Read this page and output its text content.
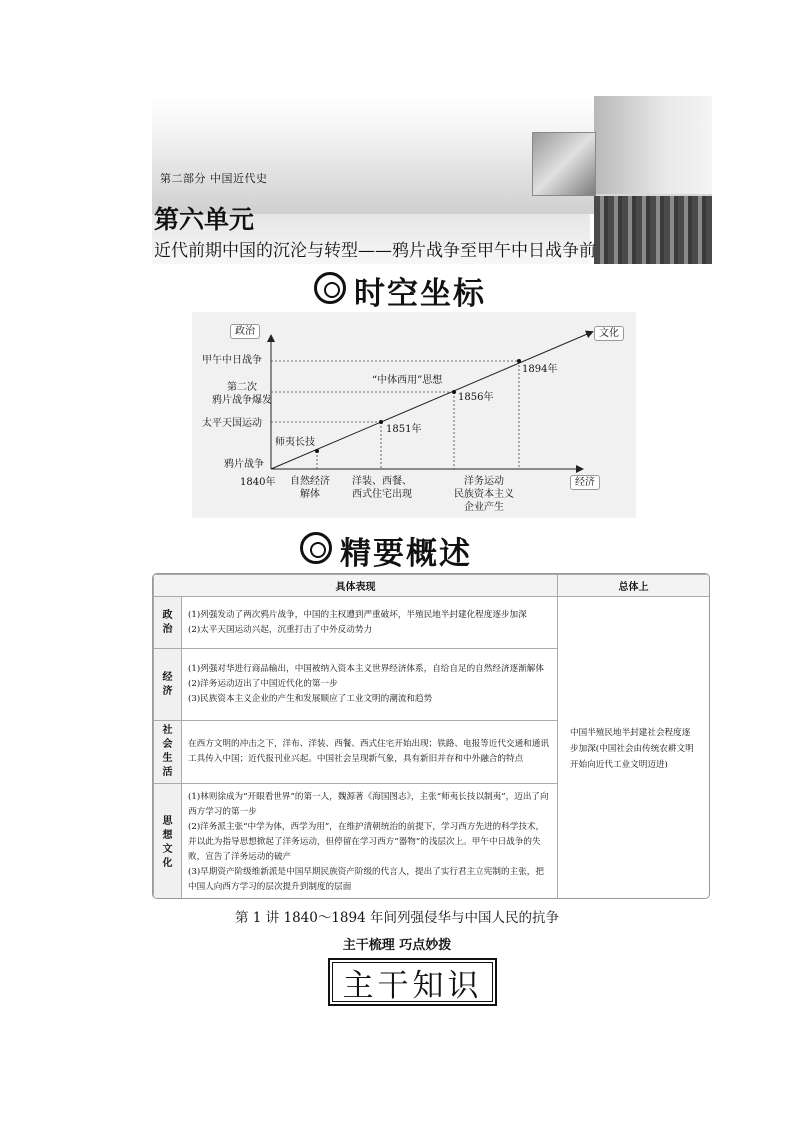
第二部分 中国近代史
第六单元
近代前期中国的沉沦与转型——鸦片战争至甲午中日战争前
时空坐标
政治	文化
经济
甲午中日战争
第二次
鸦片战争爆发
太平天国运动
鸦片战争
1894年
1856年
1851年
“中体西用”思想
师夷长技
1840年 自然经济
解体
洋装、西餐、
西式住宅出现
洋务运动
民族资本主义
企业产生
精要概述
具体表现		总体上
政治	(1)列强发动了两次鸦片战争，中国的主权遭到严重破坏，半殖民地半封建化程度逐步加深
(2)太平天国运动兴起，沉重打击了中外反动势力	中国半殖民地半封建社会程度逐步加深(中国社会由传统农耕文明开始向近代工业文明迈进)
经济	(1)列强对华进行商品输出，中国被纳入资本主义世界经济体系，自给自足的自然经济逐渐解体
(2)洋务运动迈出了中国近代化的第一步
(3)民族资本主义企业的产生和发展顺应了工业文明的潮流和趋势	

社会生活	在西方文明的冲击之下，洋布、洋装、西餐、西式住宅开始出现；铁路、电报等近代交通和通讯工具传入中国；近代报刊业兴起。中国社会呈现新气象，具有新旧并存和中外融合的特点	

思想文化	(1)林则徐成为“开眼看世界”的第一人，魏源著《海国图志》，主张“师夷长技以制夷”，迈出了向西方学习的第一步
(2)洋务派主张“中学为体，西学为用”，在维护清朝统治的前提下，学习西方先进的科学技术，并以此为指导思想掀起了洋务运动，但停留在学习西方“器物”的浅层次上。甲午中日战争的失败，宣告了洋务运动的破产
(3)早期资产阶级维新派是中国早期民族资产阶级的代言人，提出了实行君主立宪制的主张，把中国人向西方学习的层次提升到制度的层面	
第 1 讲 1840～1894 年间列强侵华与中国人民的抗争
主干梳理 巧点妙拨
主干知识
